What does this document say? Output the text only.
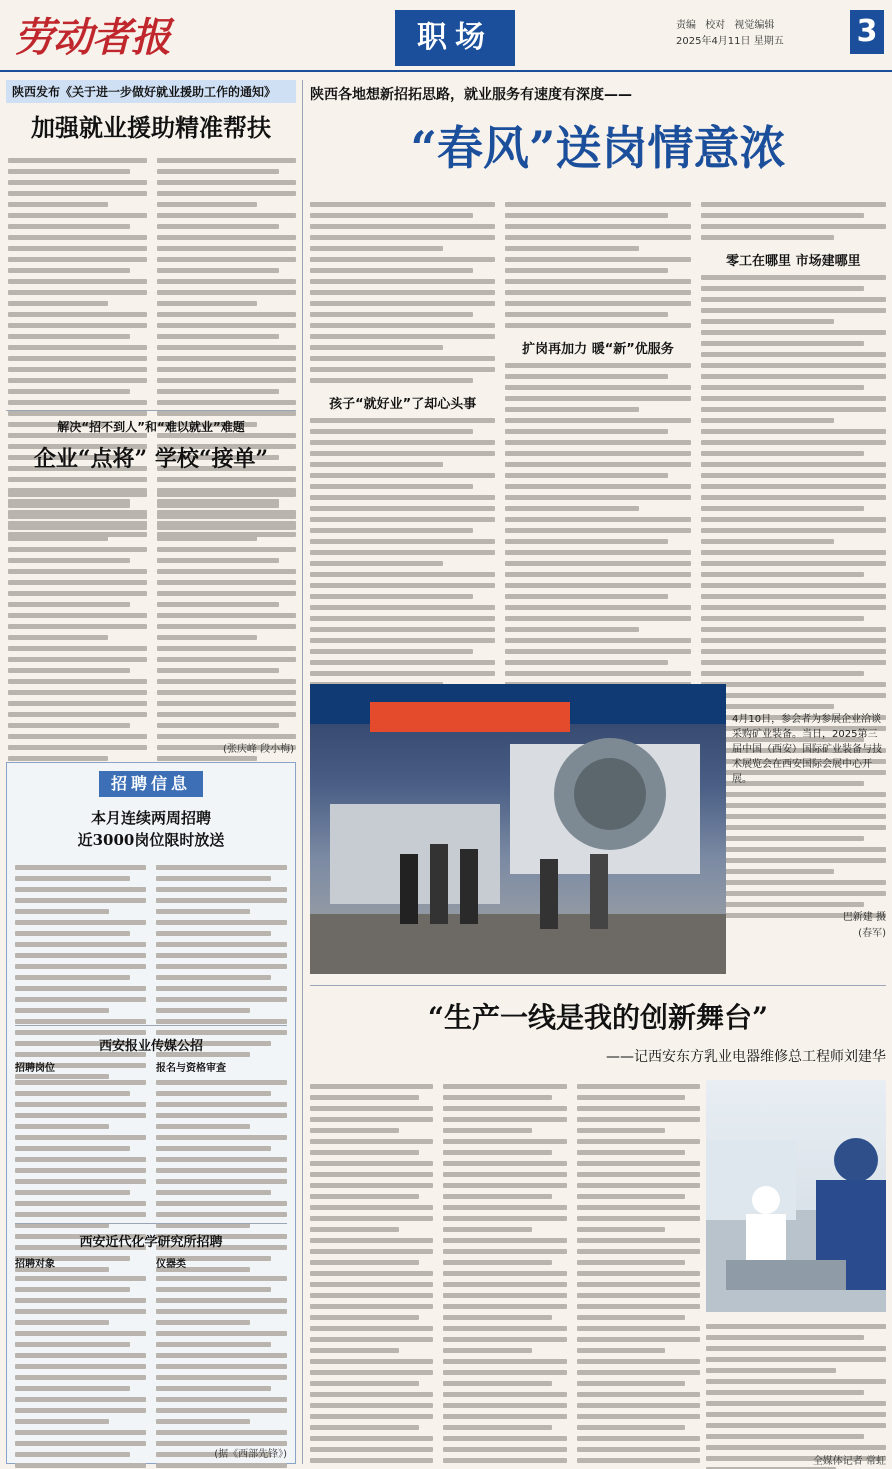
劳动者报	职场	责编 校对 视觉编辑
2025年4月11日 星期五 3
陕西发布《关于进一步做好就业援助工作的通知》
加强就业援助精准帮扶
解决“招不到人”和“难以就业”难题
企业“点将” 学校“接单”
(张庆峰 段小梅)
招聘信息
本月连续两周招聘
近3000岗位限时放送
西安报业传媒公招
招聘岗位	报名与资格审查
西安近代化学研究所招聘
招聘对象	仪器类
(据《西部先锋》)
陕西各地想新招拓思路，就业服务有速度有深度——
“春风”送岗情意浓
孩子“就好业”了却心头事
扩岗再加力 暖“新”优服务
零工在哪里 市场建哪里
(春军)
4月10日，参会者为参展企业洽谈采购矿业装备。当日，2025第三届中国（西安）国际矿业装备与技术展览会在西安国际会展中心开展。
巴新建 摄
“生产一线是我的创新舞台”
——记西安东方乳业电器维修总工程师刘建华
全媒体记者 常虹
